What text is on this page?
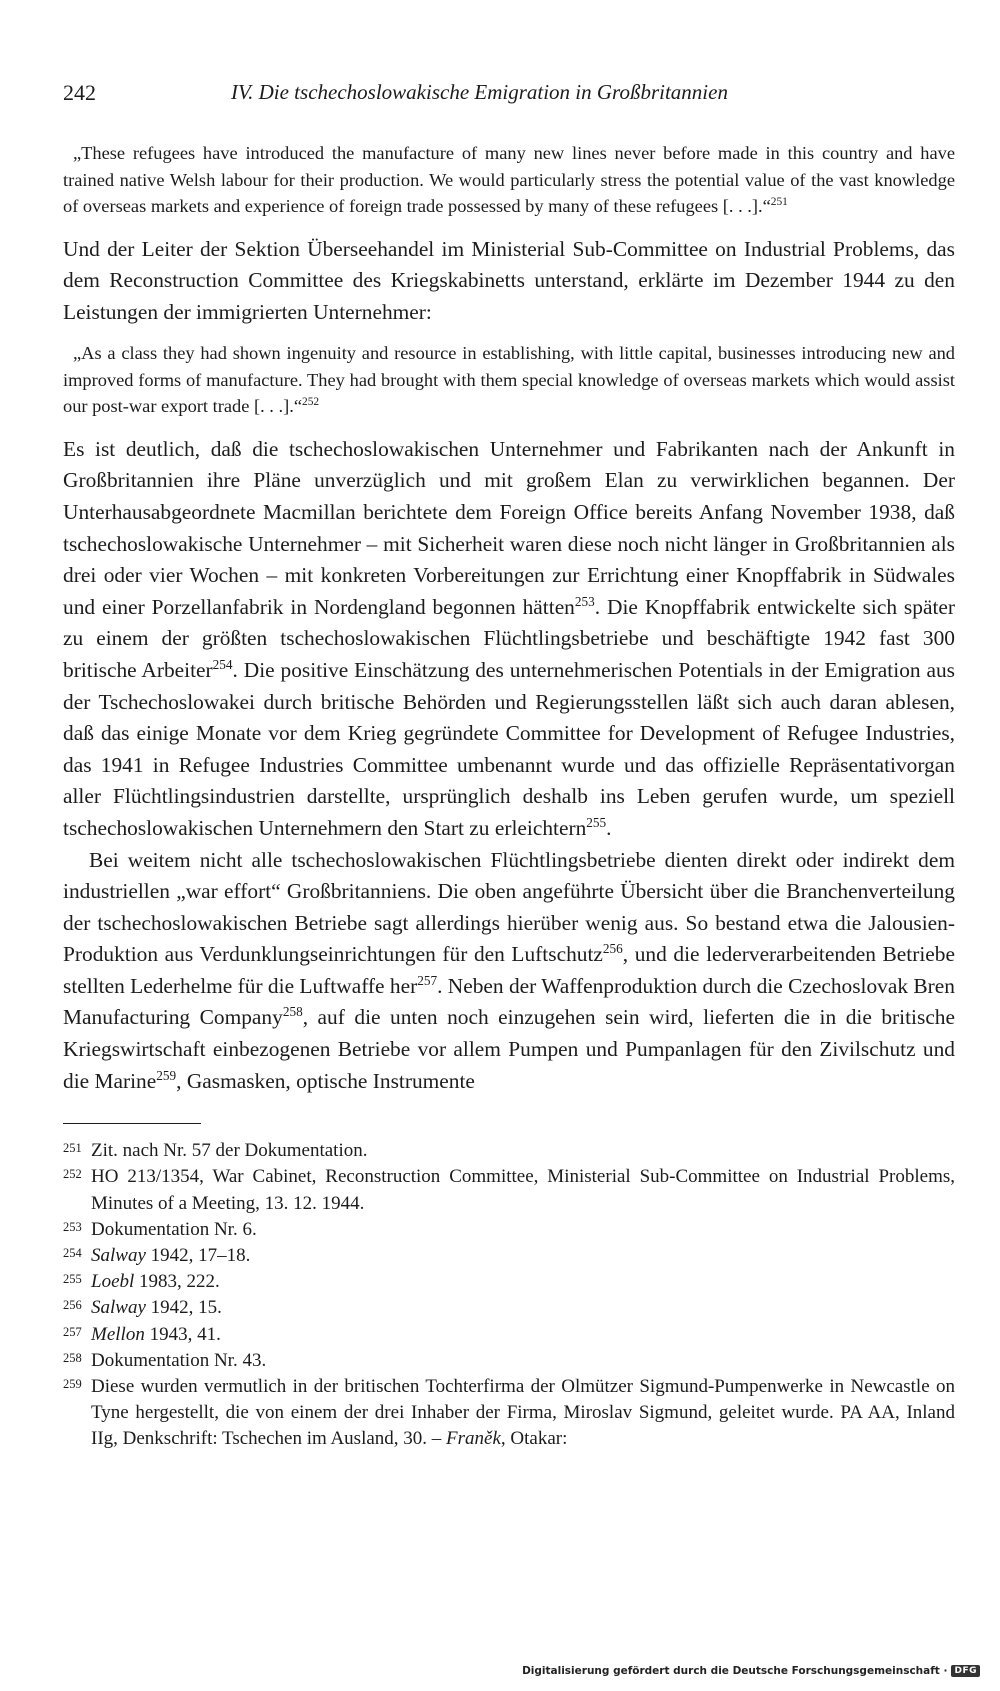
242	IV. Die tschechoslowakische Emigration in Großbritannien
„These refugees have introduced the manufacture of many new lines never before made in this country and have trained native Welsh labour for their production. We would particularly stress the potential value of the vast knowledge of overseas markets and experience of foreign trade possessed by many of these refugees [. . .].“$^{251}$

Und der Leiter der Sektion Überseehandel im Ministerial Sub-Committee on Industrial Problems, das dem Reconstruction Committee des Kriegskabinetts unterstand, erklärte im Dezember 1944 zu den Leistungen der immigrierten Unternehmer:

„As a class they had shown ingenuity and resource in establishing, with little capital, businesses introducing new and improved forms of manufacture. They had brought with them special knowledge of overseas markets which would assist our post-war export trade [. . .].“$^{252}$

Es ist deutlich, daß die tschechoslowakischen Unternehmer und Fabrikanten nach der Ankunft in Großbritannien ihre Pläne unverzüglich und mit großem Elan zu verwirklichen begannen. Der Unterhausabgeordnete Macmillan berichtete dem Foreign Office bereits Anfang November 1938, daß tschechoslowakische Unternehmer – mit Sicherheit waren diese noch nicht länger in Großbritannien als drei oder vier Wochen – mit konkreten Vorbereitungen zur Errichtung einer Knopffabrik in Südwales und einer Porzellanfabrik in Nordengland begonnen hätten$^{253}$. Die Knopffabrik entwickelte sich später zu einem der größten tschechoslowakischen Flüchtlingsbetriebe und beschäftigte 1942 fast 300 britische Arbeiter$^{254}$. Die positive Einschätzung des unternehmerischen Potentials in der Emigration aus der Tschechoslowakei durch britische Behörden und Regierungsstellen läßt sich auch daran ablesen, daß das einige Monate vor dem Krieg gegründete Committee for Development of Refugee Industries, das 1941 in Refugee Industries Committee umbenannt wurde und das offizielle Repräsentativorgan aller Flüchtlingsindustrien darstellte, ursprünglich deshalb ins Leben gerufen wurde, um speziell tschechoslowakischen Unternehmern den Start zu erleichtern$^{255}$.

Bei weitem nicht alle tschechoslowakischen Flüchtlingsbetriebe dienten direkt oder indirekt dem industriellen „war effort“ Großbritanniens. Die oben angeführte Übersicht über die Branchenverteilung der tschechoslowakischen Betriebe sagt allerdings hierüber wenig aus. So bestand etwa die Jalousien-Produktion aus Verdunklungseinrichtungen für den Luftschutz$^{256}$, und die lederverarbeitenden Betriebe stellten Lederhelme für die Luftwaffe her$^{257}$. Neben der Waffenproduktion durch die Czechoslovak Bren Manufacturing Company$^{258}$, auf die unten noch einzugehen sein wird, lieferten die in die britische Kriegswirtschaft einbezogenen Betriebe vor allem Pumpen und Pumpanlagen für den Zivilschutz und die Marine$^{259}$, Gasmasken, optische Instrumente

251 Zit. nach Nr. 57 der Dokumentation.
252 HO 213/1354, War Cabinet, Reconstruction Committee, Ministerial Sub-Committee on Industrial Problems, Minutes of a Meeting, 13. 12. 1944.
253 Dokumentation Nr. 6.
254 Salway 1942, 17–18.
255 Loebl 1983, 222.
256 Salway 1942, 15.
257 Mellon 1943, 41.
258 Dokumentation Nr. 43.
259 Diese wurden vermutlich in der britischen Tochterfirma der Olmützer Sigmund-Pumpenwerke in Newcastle on Tyne hergestellt, die von einem der drei Inhaber der Firma, Miroslav Sigmund, geleitet wurde. PA AA, Inland IIg, Denkschrift: Tschechen im Ausland, 30. – Franěk, Otakar:
Digitalisierung gefördert durch die Deutsche Forschungsgemeinschaft · DFG
